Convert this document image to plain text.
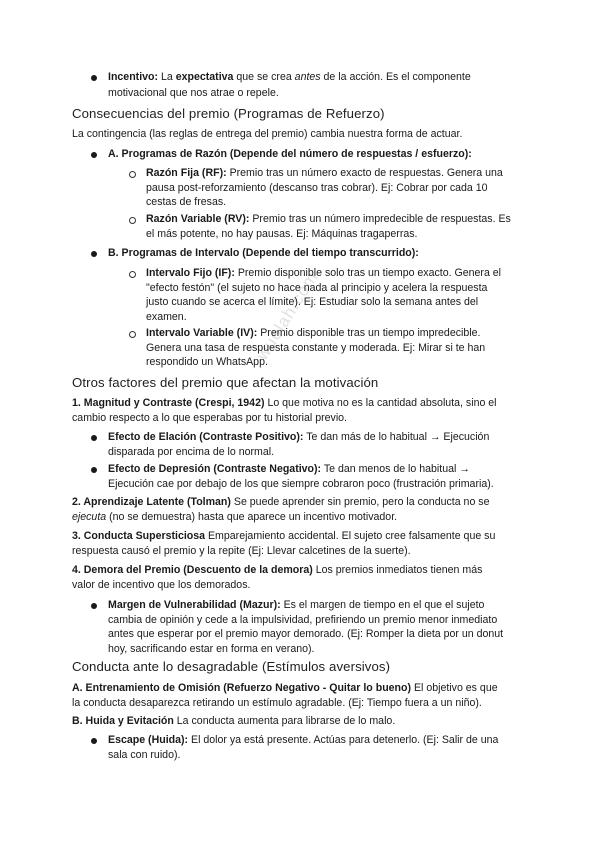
wuolah.com

Incentivo: La expectativa que se crea antes de la acción. Es el componente

motivacional que nos atrae o repele.

Consecuencias del premio (Programas de Refuerzo)

La contingencia (las reglas de entrega del premio) cambia nuestra forma de actuar.

A. Programas de Razón (Depende del número de respuestas / esfuerzo):

Razón Fija (RF): Premio tras un número exacto de respuestas. Genera una

pausa post-reforzamiento (descanso tras cobrar). Ej: Cobrar por cada 10

cestas de fresas.

Razón Variable (RV): Premio tras un número impredecible de respuestas. Es

el más potente, no hay pausas. Ej: Máquinas tragaperras.

B. Programas de Intervalo (Depende del tiempo transcurrido):

Intervalo Fijo (IF): Premio disponible solo tras un tiempo exacto. Genera el

"efecto festón" (el sujeto no hace nada al principio y acelera la respuesta

justo cuando se acerca el límite). Ej: Estudiar solo la semana antes del

examen.

Intervalo Variable (IV): Premio disponible tras un tiempo impredecible.

Genera una tasa de respuesta constante y moderada. Ej: Mirar si te han

respondido un WhatsApp.

Otros factores del premio que afectan la motivación

1. Magnitud y Contraste (Crespi, 1942) Lo que motiva no es la cantidad absoluta, sino el

cambio respecto a lo que esperabas por tu historial previo.

Efecto de Elación (Contraste Positivo): Te dan más de lo habitual → Ejecución

disparada por encima de lo normal.

Efecto de Depresión (Contraste Negativo): Te dan menos de lo habitual →

Ejecución cae por debajo de los que siempre cobraron poco (frustración primaria).

2. Aprendizaje Latente (Tolman) Se puede aprender sin premio, pero la conducta no se

ejecuta (no se demuestra) hasta que aparece un incentivo motivador.

3. Conducta Supersticiosa Emparejamiento accidental. El sujeto cree falsamente que su

respuesta causó el premio y la repite (Ej: Llevar calcetines de la suerte).

4. Demora del Premio (Descuento de la demora) Los premios inmediatos tienen más

valor de incentivo que los demorados.

Margen de Vulnerabilidad (Mazur): Es el margen de tiempo en el que el sujeto

cambia de opinión y cede a la impulsividad, prefiriendo un premio menor inmediato

antes que esperar por el premio mayor demorado. (Ej: Romper la dieta por un donut

hoy, sacrificando estar en forma en verano).

Conducta ante lo desagradable (Estímulos aversivos)

A. Entrenamiento de Omisión (Refuerzo Negativo - Quitar lo bueno) El objetivo es que

la conducta desaparezca retirando un estímulo agradable. (Ej: Tiempo fuera a un niño).

B. Huida y Evitación La conducta aumenta para librarse de lo malo.

Escape (Huida): El dolor ya está presente. Actúas para detenerlo. (Ej: Salir de una

sala con ruido).
